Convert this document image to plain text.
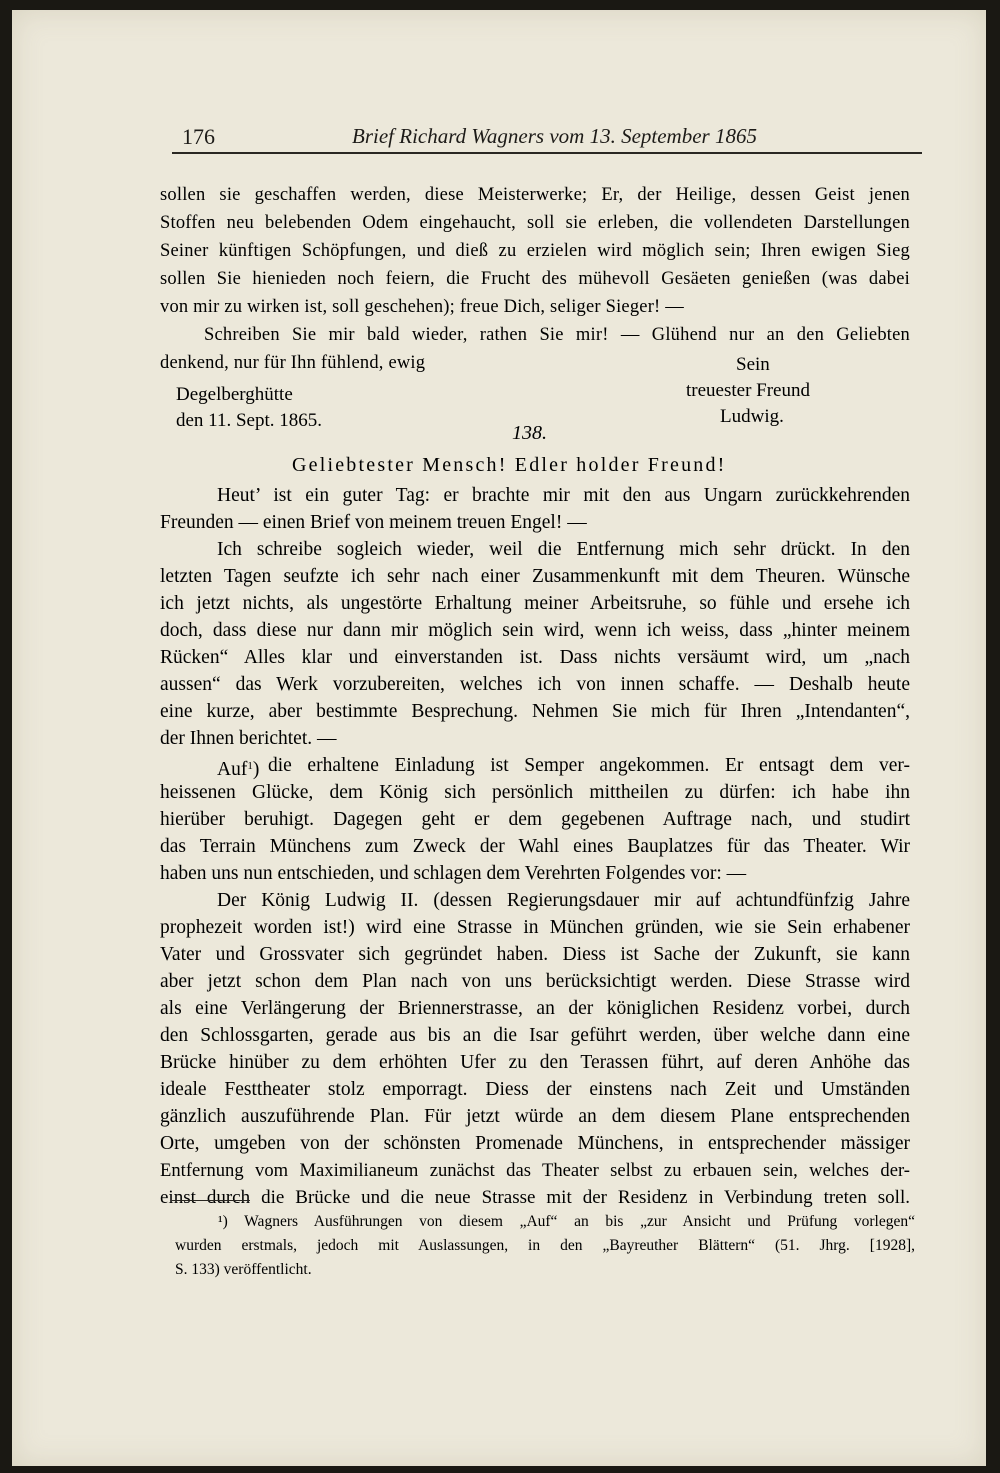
176	Brief Richard Wagners vom 13. September 1865
sollen sie geschaffen werden, diese Meisterwerke; Er, der Heilige, dessen Geist jenen
Stoffen neu belebenden Odem eingehaucht, soll sie erleben, die vollendeten Darstellungen
Seiner künftigen Schöpfungen, und dieß zu erzielen wird möglich sein; Ihren ewigen Sieg
sollen Sie hienieden noch feiern, die Frucht des mühevoll Gesäeten genießen (was dabei
von mir zu wirken ist, soll geschehen); freue Dich, seliger Sieger! —
Schreiben Sie mir bald wieder, rathen Sie mir! — Glühend nur an den Geliebten
denkend, nur für Ihn fühlend, ewig	Sein
treuester Freund
Ludwig.
Degelberghütte
den 11. Sept. 1865.
138.
Geliebtester Mensch! Edler holder Freund!
Heut’ ist ein guter Tag: er brachte mir mit den aus Ungarn zurückkehrenden
Freunden — einen Brief von meinem treuen Engel! —
Ich schreibe sogleich wieder, weil die Entfernung mich sehr drückt. In den
letzten Tagen seufzte ich sehr nach einer Zusammenkunft mit dem Theuren. Wünsche
ich jetzt nichts, als ungestörte Erhaltung meiner Arbeitsruhe, so fühle und ersehe ich
doch, dass diese nur dann mir möglich sein wird, wenn ich weiss, dass „hinter meinem
Rücken“ Alles klar und einverstanden ist. Dass nichts versäumt wird, um „nach
aussen“ das Werk vorzubereiten, welches ich von innen schaffe. — Deshalb heute
eine kurze, aber bestimmte Besprechung. Nehmen Sie mich für Ihren „Intendanten“,
der Ihnen berichtet. —
Auf$^1$) die erhaltene Einladung ist Semper angekommen. Er entsagt dem ver-
heissenen Glücke, dem König sich persönlich mittheilen zu dürfen: ich habe ihn
hierüber beruhigt. Dagegen geht er dem gegebenen Auftrage nach, und studirt
das Terrain Münchens zum Zweck der Wahl eines Bauplatzes für das Theater. Wir
haben uns nun entschieden, und schlagen dem Verehrten Folgendes vor: —
Der König Ludwig II. (dessen Regierungsdauer mir auf achtundfünfzig Jahre
prophezeit worden ist!) wird eine Strasse in München gründen, wie sie Sein erhabener
Vater und Grossvater sich gegründet haben. Diess ist Sache der Zukunft, sie kann
aber jetzt schon dem Plan nach von uns berücksichtigt werden. Diese Strasse wird
als eine Verlängerung der Briennerstrasse, an der königlichen Residenz vorbei, durch
den Schlossgarten, gerade aus bis an die Isar geführt werden, über welche dann eine
Brücke hinüber zu dem erhöhten Ufer zu den Terassen führt, auf deren Anhöhe das
ideale Festtheater stolz emporragt. Diess der einstens nach Zeit und Umständen
gänzlich auszuführende Plan. Für jetzt würde an dem diesem Plane entsprechenden
Orte, umgeben von der schönsten Promenade Münchens, in entsprechender mässiger
Entfernung vom Maximilianeum zunächst das Theater selbst zu erbauen sein, welches der-
einst durch die Brücke und die neue Strasse mit der Residenz in Verbindung treten soll.
¹) Wagners Ausführungen von diesem „Auf“ an bis „zur Ansicht und Prüfung vorlegen“
wurden erstmals, jedoch mit Auslassungen, in den „Bayreuther Blättern“ (51. Jhrg. [1928],
S. 133) veröffentlicht.
